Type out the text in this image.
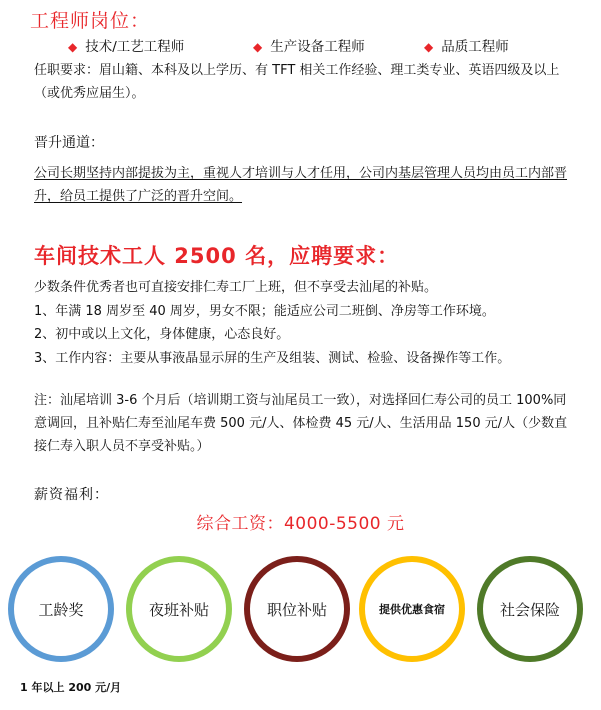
工程师岗位：
◆ 技术/工艺工程师	◆ 生产设备工程师	◆ 品质工程师
任职要求：眉山籍、本科及以上学历、有 TFT 相关工作经验、理工类专业、英语四级及以上（或优秀应届生）。
晋升通道：
公司长期坚持内部提拔为主，重视人才培训与人才任用，公司内基层管理人员均由员工内部晋升，给员工提供了广泛的晋升空间。
车间技术工人 2500 名，应聘要求：
少数条件优秀者也可直接安排仁寿工厂上班，但不享受去汕尾的补贴。
1、年满 18 周岁至 40 周岁，男女不限；能适应公司二班倒、净房等工作环境。
2、初中或以上文化，身体健康，心态良好。
3、工作内容：主要从事液晶显示屏的生产及组装、测试、检验、设备操作等工作。
注：汕尾培训 3-6 个月后（培训期工资与汕尾员工一致），对选择回仁寿公司的员工 100%同意调回，且补贴仁寿至汕尾车费 500 元/人、体检费 45 元/人、生活用品 150 元/人（少数直接仁寿入职人员不享受补贴。）
薪资福利：
综合工资：4000-5500 元
工龄奖	夜班补贴	职位补贴	提供优惠食宿	社会保险
1 年以上 200 元/月
